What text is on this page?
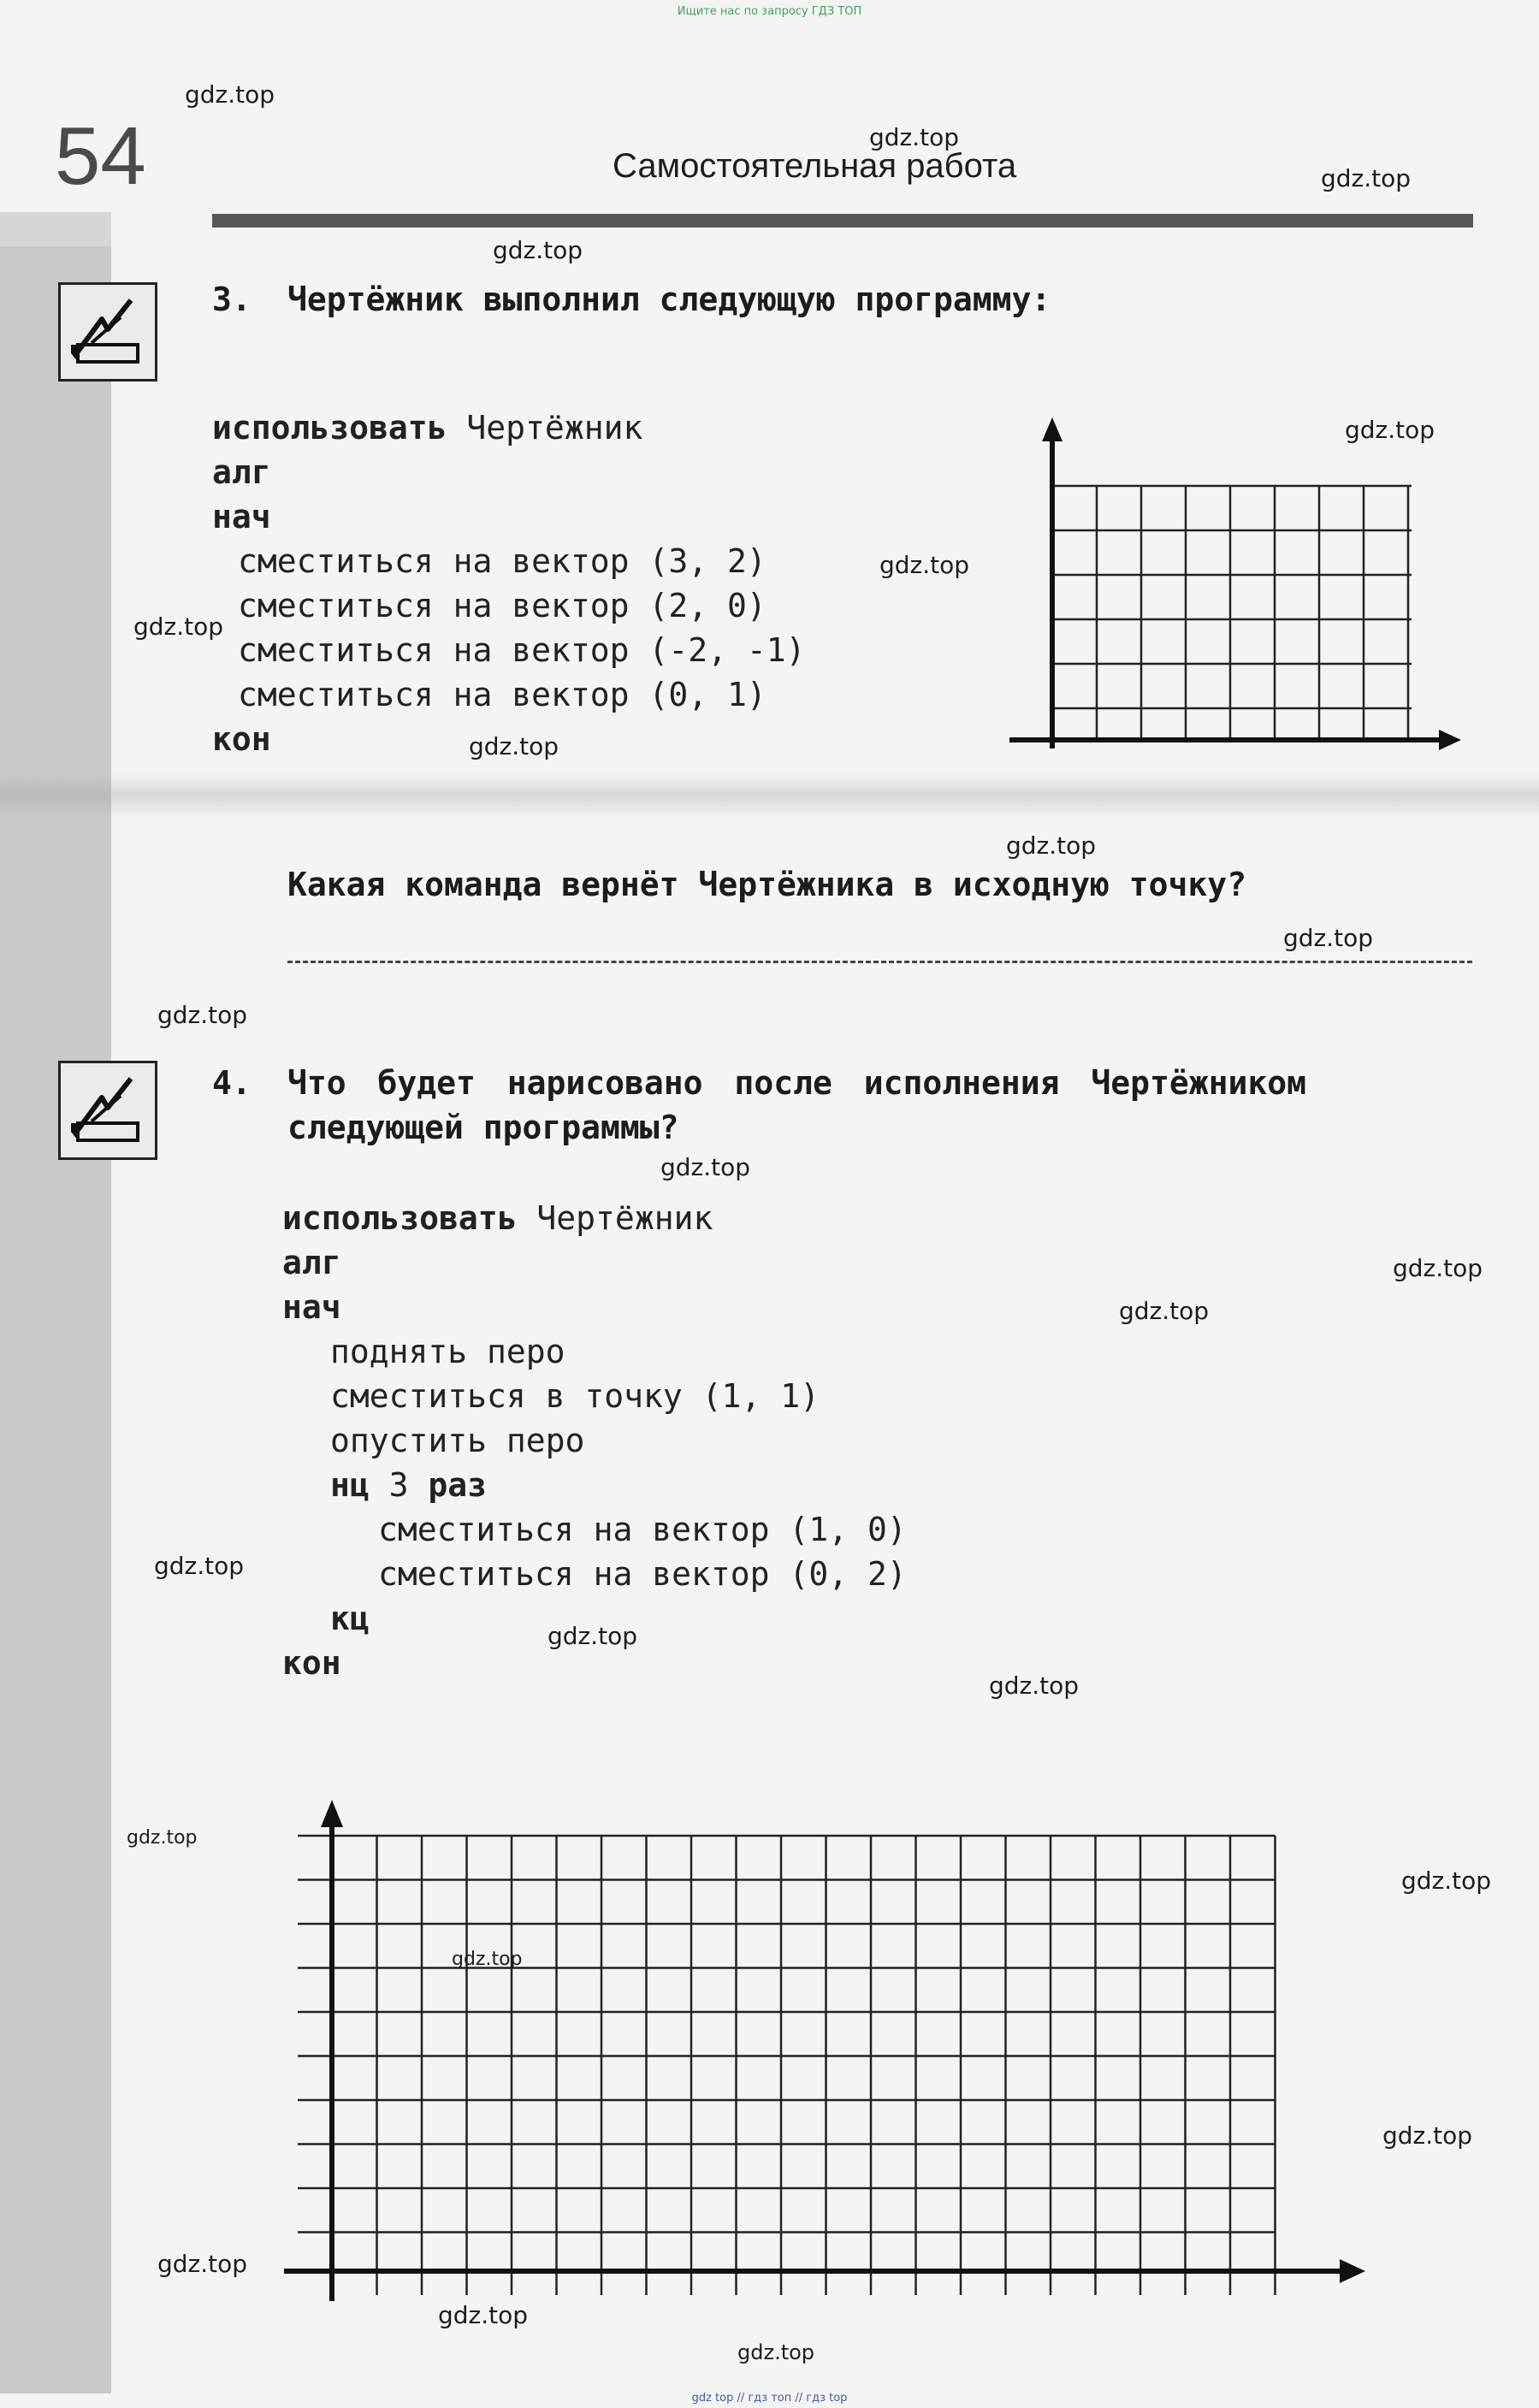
Ищите нас по запросу ГДЗ ТОП
gdz top // гдз топ // гдз top
54	Самостоятельная работа
3. Чертёжник выполнил следующую программу:
использовать Чертёжник
алг
нач
сместиться на вектор (3, 2)
сместиться на вектор (2, 0)
сместиться на вектор (-2, -1)
сместиться на вектор (0, 1)
кон
Какая команда вернёт Чертёжника в исходную точку?
4. Что будет нарисовано после исполнения Чертёжником
следующей программы?
использовать Чертёжник
алг
нач
поднять перо
сместиться в точку (1, 1)
опустить перо
нц 3 раз
сместиться на вектор (1, 0)
сместиться на вектор (0, 2)
кц
кон
gdz.top
gdz.top
gdz.top
gdz.top
gdz.top
gdz.top
gdz.top
gdz.top
gdz.top
gdz.top
gdz.top
gdz.top
gdz.top
gdz.top
gdz.top
gdz.top
gdz.top
gdz.top
gdz.top
gdz.top
gdz.top
gdz.top
gdz.top
gdz.top
